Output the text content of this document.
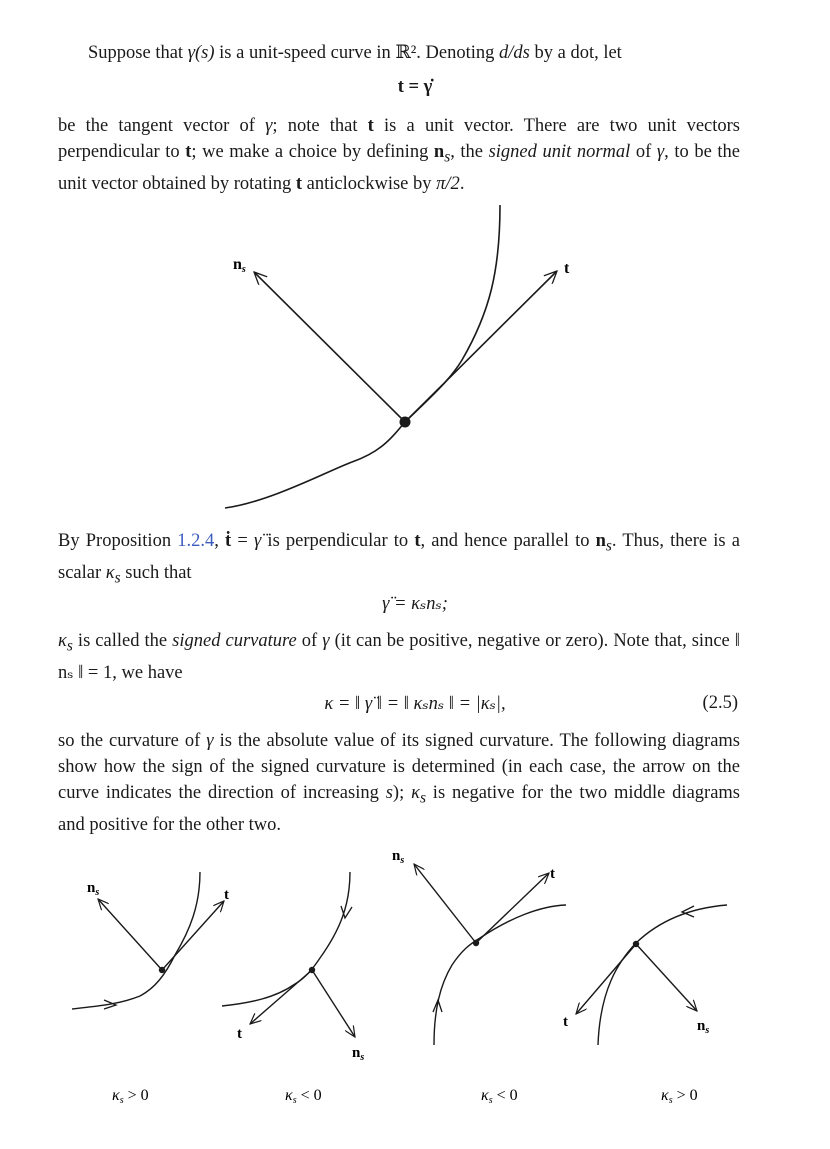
Suppose that γ(s) is a unit-speed curve in ℝ². Denoting d/ds by a dot, let
t = γ̇
be the tangent vector of γ; note that t is a unit vector. There are two unit vectors perpendicular to t; we make a choice by defining $n_s$, the signed unit normal of γ, to be the unit vector obtained by rotating t anticlockwise by π/2.
ns	t
$n_s$	t
t
$n_s$
$n_s$
t
t	$n_s$
κs > 0	κs < 0	κs < 0	κs > 0
By Proposition 1.2.4, ṫ = γ̈ is perpendicular to t, and hence parallel to $n_s$. Thus, there is a scalar $\kappa_s$ such that
γ̈ = κₛnₛ;
$\kappa_s$ is called the signed curvature of γ (it can be positive, negative or zero). Note that, since ‖ nₛ ‖ = 1, we have
κ = ‖ γ̈ ‖ = ‖ κₛnₛ ‖ = |κₛ|,	(2.5)
so the curvature of γ is the absolute value of its signed curvature. The following diagrams show how the sign of the signed curvature is determined (in each case, the arrow on the curve indicates the direction of increasing s); $\kappa_s$ is negative for the two middle diagrams and positive for the other two.
